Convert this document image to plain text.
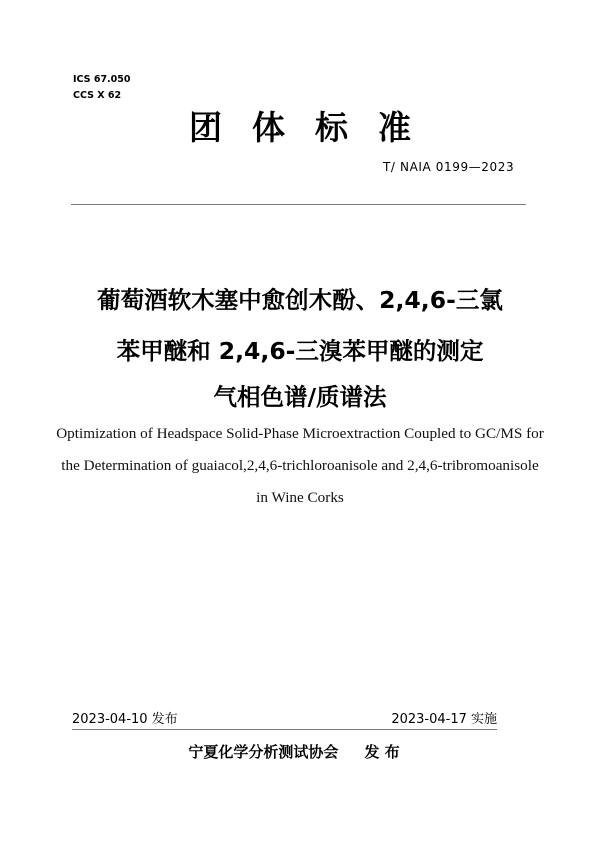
ICS 67.050
CCS X 62
团体标准
T/ NAIA 0199—2023
葡萄酒软木塞中愈创木酚、2,4,6-三氯
苯甲醚和 2,4,6-三溴苯甲醚的测定
气相色谱/质谱法
Optimization of Headspace Solid-Phase Microextraction Coupled to GC/MS for
the Determination of guaiacol,2,4,6-trichloroanisole and 2,4,6-tribromoanisole
in Wine Corks
2023-04-10 发布	2023-04-17 实施
宁夏化学分析测试协会 发 布
